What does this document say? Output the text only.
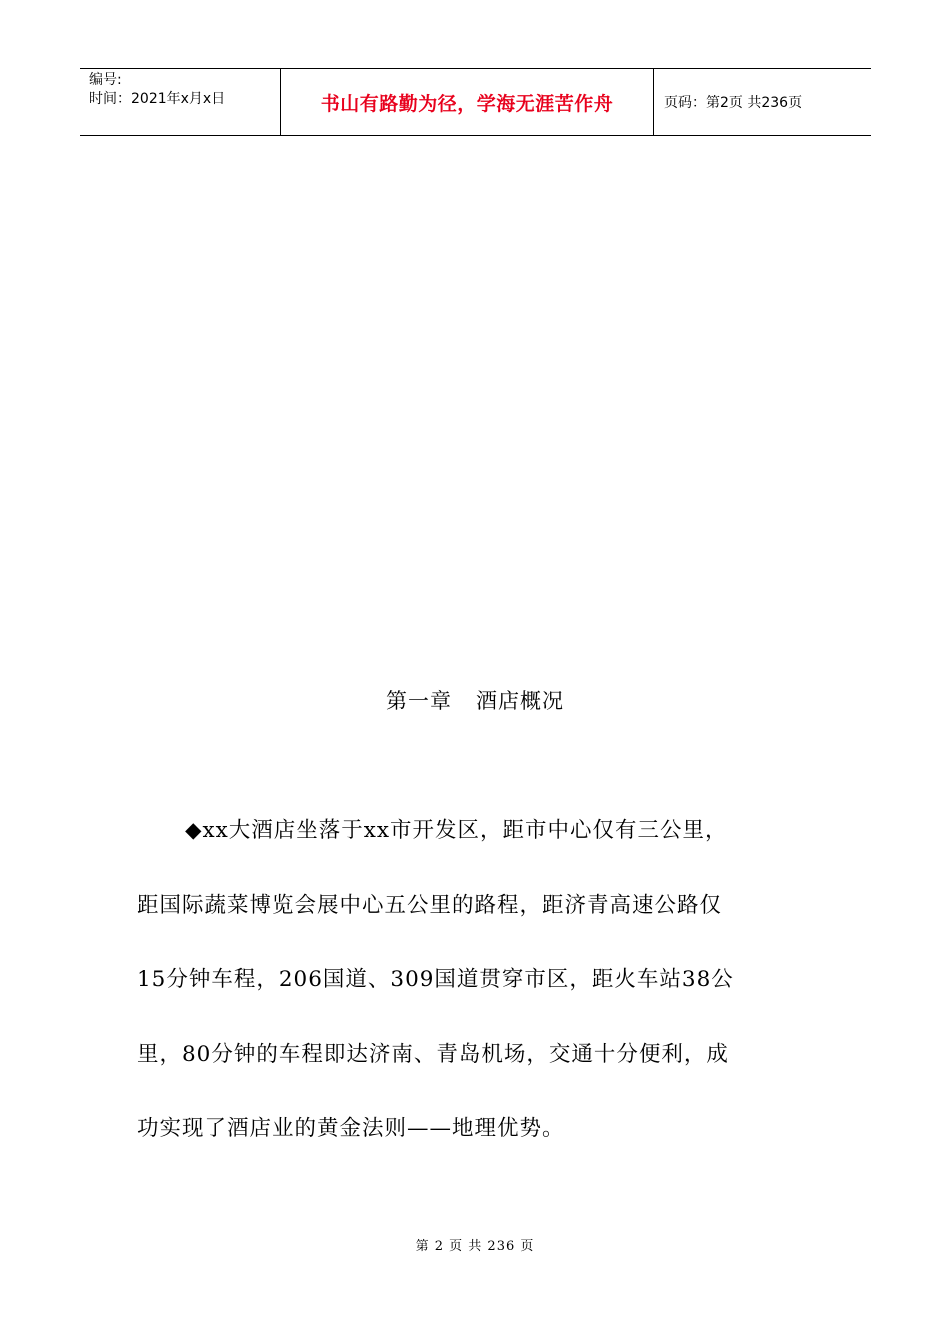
编号:
时间：2021年x月x日	书山有路勤为径，学海无涯苦作舟	页码：第2页 共236页
第一章 酒店概况
◆xx大酒店坐落于xx市开发区，距市中心仅有三公里，
距国际蔬菜博览会展中心五公里的路程，距济青高速公路仅
15分钟车程，206国道、309国道贯穿市区，距火车站38公
里，80分钟的车程即达济南、青岛机场，交通十分便利，成
功实现了酒店业的黄金法则——地理优势。
第 2 页 共 236 页
